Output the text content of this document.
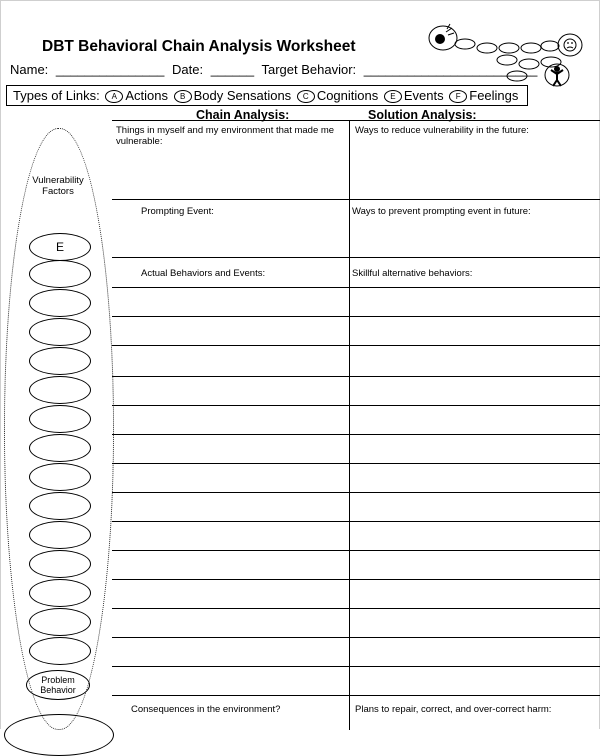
DBT Behavioral Chain Analysis Worksheet
Name: _______________ Date: ______ Target Behavior: ________________________
Types of Links: A Actions B Body Sensations C Cognitions E Events F Feelings
Chain Analysis:	Solution Analysis:
Things in myself and my environment that made me vulnerable:
Prompting Event:
Actual Behaviors and Events:
Consequences in the environment?
Ways to reduce vulnerability in the future:
Ways to prevent prompting event in future:
Skillful alternative behaviors:
Plans to repair, correct, and over-correct harm:
Vulnerability Factors
E
Problem Behavior
